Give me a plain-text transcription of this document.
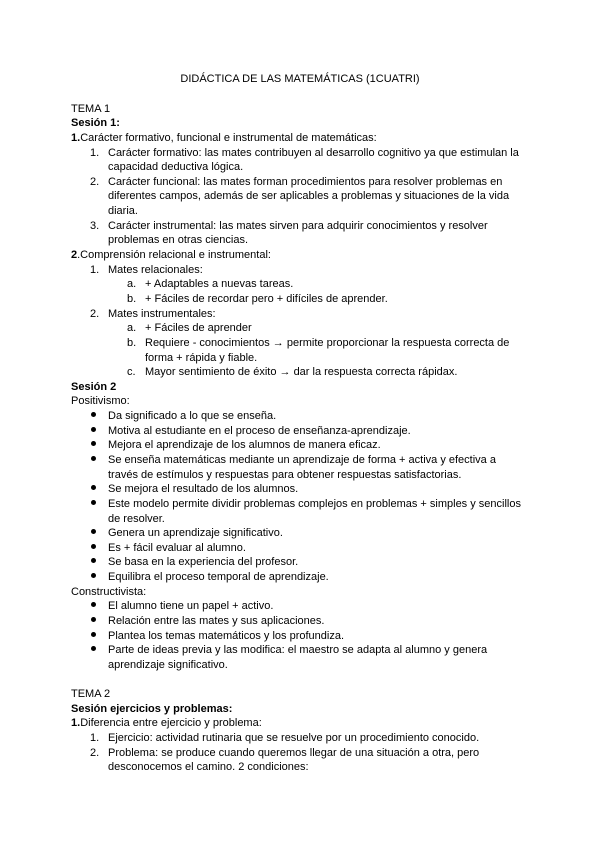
DIDÁCTICA DE LAS MATEMÁTICAS (1CUATRI)
TEMA 1
Sesión 1:
1.Carácter formativo, funcional e instrumental de matemáticas:
1. Carácter formativo: las mates contribuyen al desarrollo cognitivo ya que estimulan la
capacidad deductiva lógica.
2. Carácter funcional: las mates forman procedimientos para resolver problemas en
diferentes campos, además de ser aplicables a problemas y situaciones de la vida
diaria.
3. Carácter instrumental: las mates sirven para adquirir conocimientos y resolver
problemas en otras ciencias.
2.Comprensión relacional e instrumental:
1. Mates relacionales:
a. + Adaptables a nuevas tareas.
b. + Fáciles de recordar pero + difíciles de aprender.
2. Mates instrumentales:
a. + Fáciles de aprender
b. Requiere - conocimientos → permite proporcionar la respuesta correcta de
forma + rápida y fiable.
c. Mayor sentimiento de éxito → dar la respuesta correcta rápidax.
Sesión 2
Positivismo:
Da significado a lo que se enseña.
Motiva al estudiante en el proceso de enseñanza-aprendizaje.
Mejora el aprendizaje de los alumnos de manera eficaz.
Se enseña matemáticas mediante un aprendizaje de forma + activa y efectiva a
través de estímulos y respuestas para obtener respuestas satisfactorias.
Se mejora el resultado de los alumnos.
Este modelo permite dividir problemas complejos en problemas + simples y sencillos
de resolver.
Genera un aprendizaje significativo.
Es + fácil evaluar al alumno.
Se basa en la experiencia del profesor.
Equilibra el proceso temporal de aprendizaje.
Constructivista:
El alumno tiene un papel + activo.
Relación entre las mates y sus aplicaciones.
Plantea los temas matemáticos y los profundiza.
Parte de ideas previa y las modifica: el maestro se adapta al alumno y genera
aprendizaje significativo.
TEMA 2
Sesión ejercicios y problemas:
1.Diferencia entre ejercicio y problema:
1. Ejercicio: actividad rutinaria que se resuelve por un procedimiento conocido.
2. Problema: se produce cuando queremos llegar de una situación a otra, pero
desconocemos el camino. 2 condiciones:
